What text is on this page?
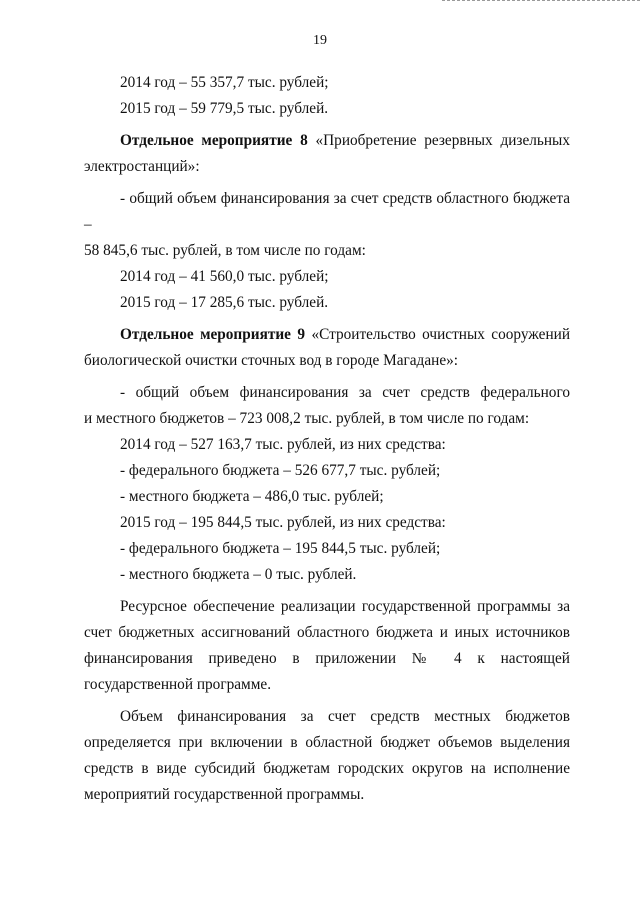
19

2014 год – 55 357,7 тыс. рублей;

2015 год – 59 779,5 тыс. рублей.

Отдельное мероприятие 8 «Приобретение резервных дизельных

электростанций»:

- общий объем финансирования за счет средств областного бюджета –

58 845,6 тыс. рублей, в том числе по годам:

2014 год – 41 560,0 тыс. рублей;

2015 год – 17 285,6 тыс. рублей.

Отдельное мероприятие 9 «Строительство очистных сооружений

биологической очистки сточных вод в городе Магадане»:

- общий объем финансирования за счет средств федерального

и местного бюджетов – 723 008,2 тыс. рублей, в том числе по годам:

2014 год – 527 163,7 тыс. рублей, из них средства:

- федерального бюджета – 526 677,7 тыс. рублей;

- местного бюджета – 486,0 тыс. рублей;

2015 год – 195 844,5 тыс. рублей, из них средства:

- федерального бюджета – 195 844,5 тыс. рублей;

- местного бюджета – 0 тыс. рублей.

Ресурсное обеспечение реализации государственной программы за

счет бюджетных ассигнований областного бюджета и иных источников

финансирования приведено в приложении № 4 к настоящей

государственной программе.

Объем финансирования за счет средств местных бюджетов

определяется при включении в областной бюджет объемов выделения

средств в виде субсидий бюджетам городских округов на исполнение

мероприятий государственной программы.
